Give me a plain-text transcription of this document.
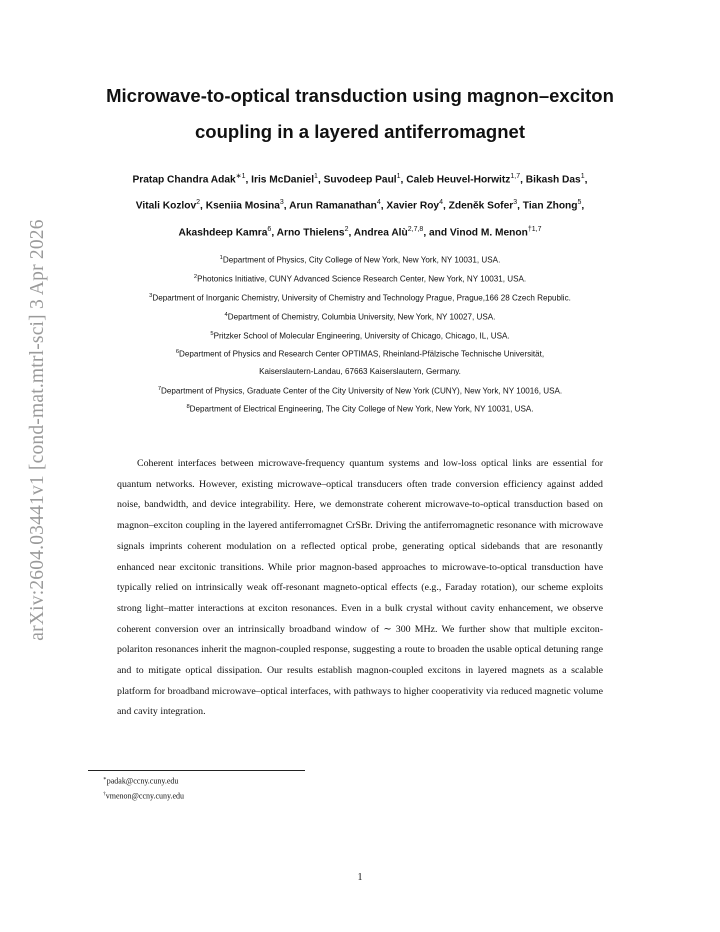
arXiv:2604.03441v1 [cond-mat.mtrl-sci] 3 Apr 2026
Microwave-to-optical transduction using magnon–exciton
coupling in a layered antiferromagnet
Pratap Chandra Adak$^{∗1}$, Iris McDaniel$^1$, Suvodeep Paul$^1$, Caleb Heuvel-Horwitz$^{1,7}$, Bikash Das$^1$,
Vitali Kozlov$^2$, Kseniia Mosina$^3$, Arun Ramanathan$^4$, Xavier Roy$^4$, Zdeněk Sofer$^3$, Tian Zhong$^5$,
Akashdeep Kamra$^6$, Arno Thielens$^2$, Andrea Alù$^{2,7,8}$, and Vinod M. Menon$^{\dagger 1,7}$
$^1$Department of Physics, City College of New York, New York, NY 10031, USA.
$^2$Photonics Initiative, CUNY Advanced Science Research Center, New York, NY 10031, USA.
$^3$Department of Inorganic Chemistry, University of Chemistry and Technology Prague, Prague,166 28 Czech Republic.
$^4$Department of Chemistry, Columbia University, New York, NY 10027, USA.
$^5$Pritzker School of Molecular Engineering, University of Chicago, Chicago, IL, USA.
$^6$Department of Physics and Research Center OPTIMAS, Rheinland-Pfälzische Technische Universität,
Kaiserslautern-Landau, 67663 Kaiserslautern, Germany.
$^7$Department of Physics, Graduate Center of the City University of New York (CUNY), New York, NY 10016, USA.
$^8$Department of Electrical Engineering, The City College of New York, New York, NY 10031, USA.

Coherent interfaces between microwave-frequency quantum systems and low-loss optical links are essential for quantum networks. However, existing microwave–optical transducers often trade conversion efficiency against added noise, bandwidth, and device integrability. Here, we demonstrate coherent microwave-to-optical transduction based on magnon–exciton coupling in the layered antiferromagnet CrSBr. Driving the antiferromagnetic resonance with microwave signals imprints coherent modulation on a reflected optical probe, generating optical sidebands that are resonantly enhanced near excitonic transitions. While prior magnon-based approaches to microwave-to-optical transduction have typically relied on intrinsically weak off-resonant magneto-optical effects (e.g., Faraday rotation), our scheme exploits strong light–matter interactions at exciton resonances. Even in a bulk crystal without cavity enhancement, we observe coherent conversion over an intrinsically broadband window of ∼ 300 MHz. We further show that multiple exciton-polariton resonances inherit the magnon-coupled response, suggesting a route to broaden the usable optical detuning range and to mitigate optical dissipation. Our results establish magnon-coupled excitons in layered magnets as a scalable platform for broadband microwave–optical interfaces, with pathways to higher cooperativity via reduced magnetic volume and cavity integration.

∗padak@ccny.cuny.edu
†vmenon@ccny.cuny.edu
1
